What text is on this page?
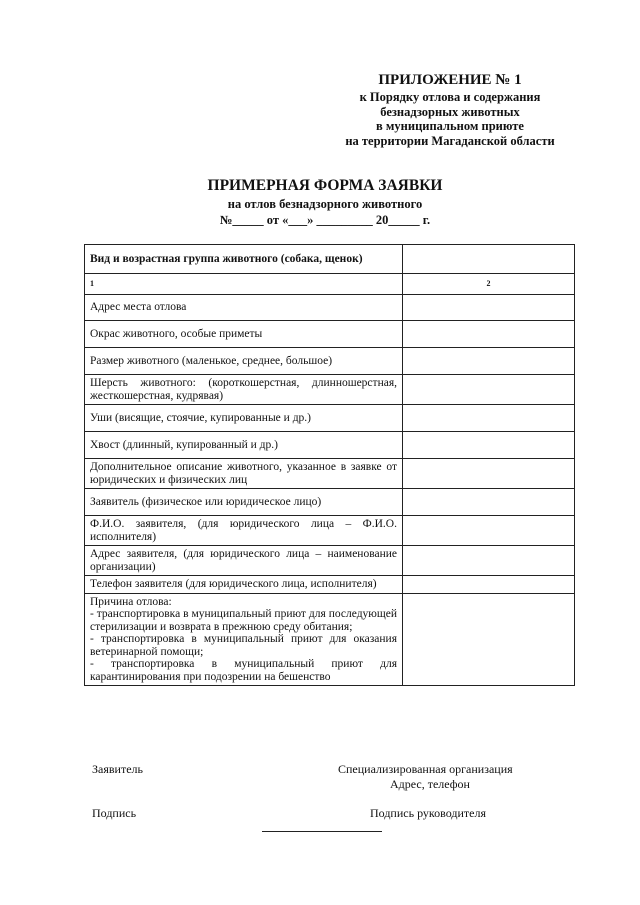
ПРИЛОЖЕНИЕ № 1
к Порядку отлова и содержания
безнадзорных животных
в муниципальном приюте
на территории Магаданской области
ПРИМЕРНАЯ ФОРМА ЗАЯВКИ
на отлов безнадзорного животного
№_____ от «___» _________ 20_____ г.
Вид и возрастная группа животного (собака, щенок)	
1	2
Адрес места отлова	
Окрас животного, особые приметы	
Размер животного (маленькое, среднее, большое)	
Шерсть животного: (короткошерстная, длинношерстная, жесткошерстная, кудрявая)	
Уши (висящие, стоячие, купированные и др.)	
Хвост (длинный, купированный и др.)	
Дополнительное описание животного, указанное в заявке от юридических и физических лиц	
Заявитель (физическое или юридическое лицо)	
Ф.И.О. заявителя, (для юридического лица – Ф.И.О. исполнителя)	
Адрес заявителя, (для юридического лица – наименование организации)	
Телефон заявителя (для юридического лица, исполнителя)	

Причина отлова:
- транспортировка в муниципальный приют для последующей стерилизации и возврата в прежнюю среду обитания;
- транспортировка в муниципальный приют для оказания ветеринарной помощи;
- транспортировка в муниципальный приют для карантинирования при подозрении на бешенство	

Заявитель	Специализированная организация
Адрес, телефон
Подпись	Подпись руководителя
